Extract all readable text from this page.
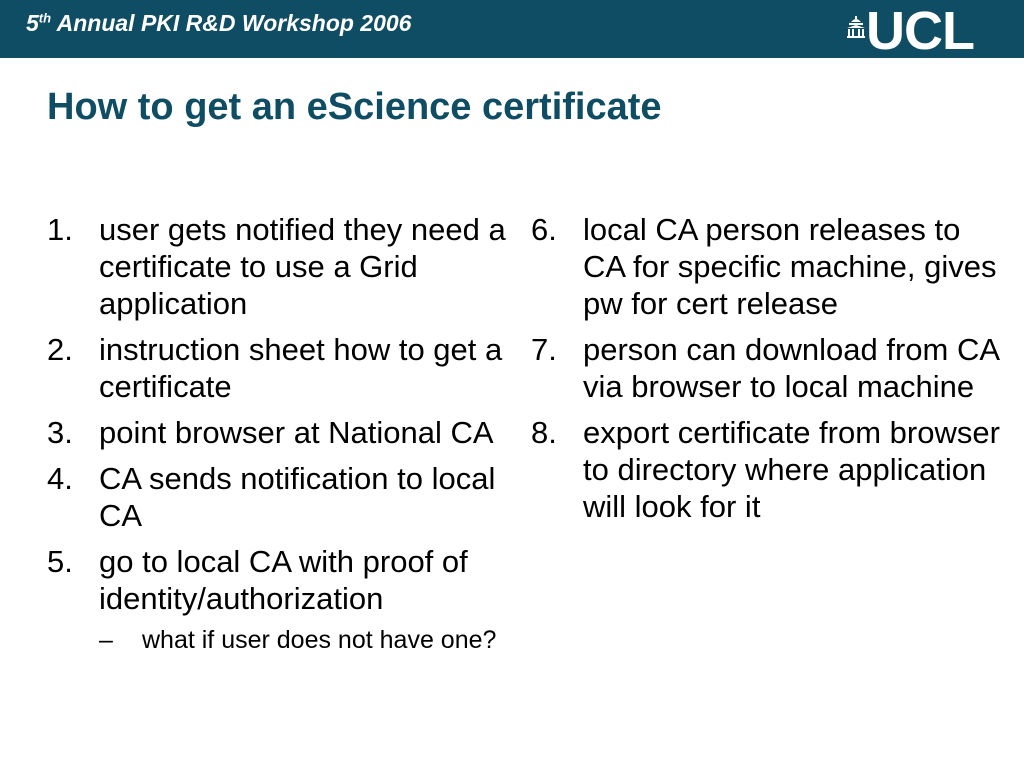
5th Annual PKI R&D Workshop 2006	UCL
How to get an eScience certificate
1. user gets notified they need a certificate to use a Grid application
2. instruction sheet how to get a certificate
3. point browser at National CA
4. CA sends notification to local CA
5. go to local CA with proof of identity/authorization
– what if user does not have one?
6. local CA person releases to CA for specific machine, gives pw for cert release
7. person can download from CA via browser to local machine
8. export certificate from browser to directory where application will look for it
